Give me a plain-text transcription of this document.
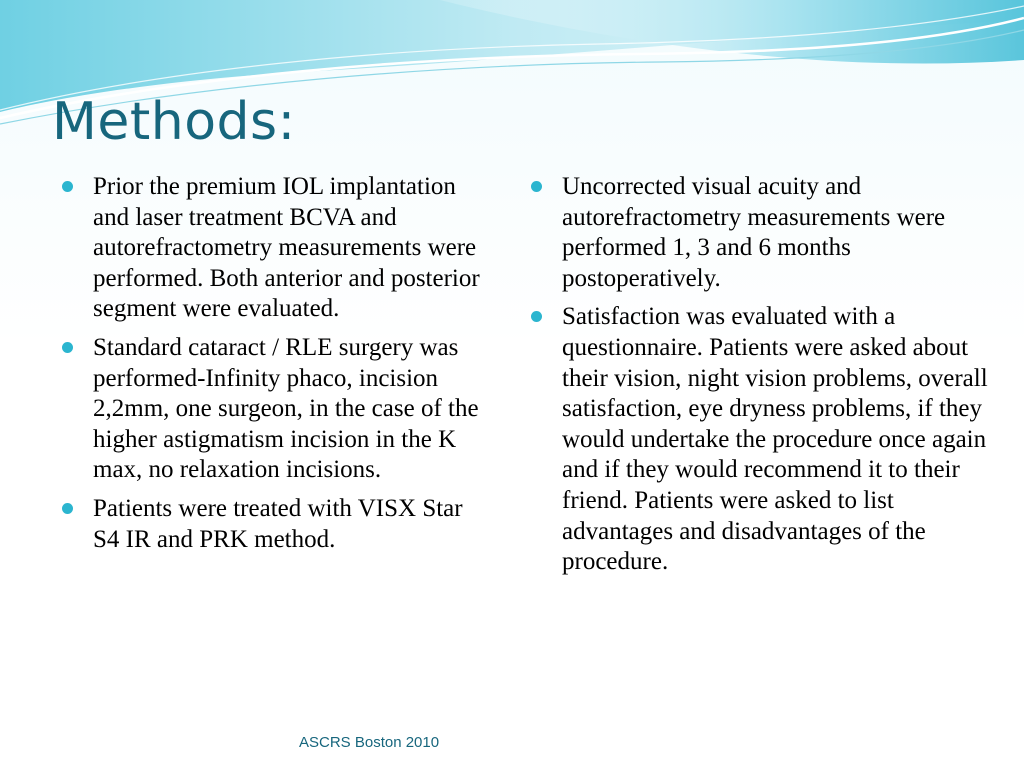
Methods:
Prior the premium IOL implantation and laser treatment BCVA and autorefractometry measurements were performed. Both anterior and posterior segment were evaluated.
Standard cataract / RLE surgery was performed-Infinity phaco, incision 2,2mm, one surgeon, in the case of the higher astigmatism incision in the K max, no relaxation incisions.
Patients were treated with VISX Star S4 IR and PRK method.
Uncorrected visual acuity and autorefractometry measurements were performed 1, 3 and 6 months postoperatively.
Satisfaction was evaluated with a questionnaire. Patients were asked about their vision, night vision problems, overall satisfaction, eye dryness problems, if they would undertake the procedure once again and if they would recommend it to their friend. Patients were asked to list advantages and disadvantages of the procedure.
ASCRS Boston 2010
